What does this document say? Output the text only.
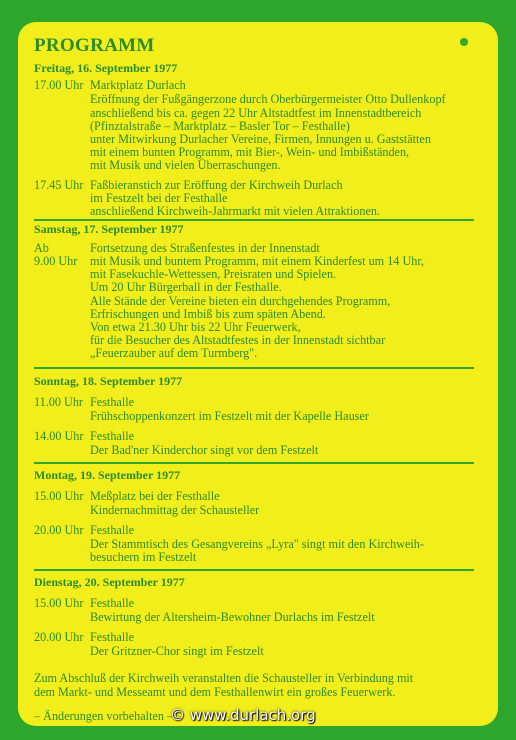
PROGRAMM
Freitag, 16. September 1977
17.00 Uhr Marktplatz Durlach
Eröffnung der Fußgängerzone durch Oberbürgermeister Otto Dullenkopf
anschließend bis ca. gegen 22 Uhr Altstadtfest im Innenstadtbereich
(Pfinztalstraße – Marktplatz – Basler Tor – Festhalle)
unter Mitwirkung Durlacher Vereine, Firmen, Innungen u. Gaststätten
mit einem bunten Programm, mit Bier-, Wein- und Imbißständen,
mit Musik und vielen Überraschungen.
17.45 Uhr Faßbieranstich zur Eröffung der Kirchweih Durlach
im Festzelt bei der Festhalle
anschließend Kirchweih-Jahrmarkt mit vielen Attraktionen.
Samstag, 17. September 1977
Ab
9.00 Uhr
Fortsetzung des Straßenfestes in der Innenstadt
mit Musik und buntem Programm, mit einem Kinderfest um 14 Uhr,
mit Fasekuchle-Wettessen, Preisraten und Spielen.
Um 20 Uhr Bürgerball in der Festhalle.
Alle Stände der Vereine bieten ein durchgehendes Programm,
Erfrischungen und Imbiß bis zum späten Abend.
Von etwa 21.30 Uhr bis 22 Uhr Feuerwerk,
für die Besucher des Altstadtfestes in der Innenstadt sichtbar
„Feuerzauber auf dem Turmberg".
Sonntag, 18. September 1977
11.00 Uhr Festhalle
Frühschoppenkonzert im Festzelt mit der Kapelle Hauser
14.00 Uhr Festhalle
Der Bad'ner Kinderchor singt vor dem Festzelt
Montag, 19. September 1977
15.00 Uhr Meßplatz bei der Festhalle
Kindernachmittag der Schausteller
20.00 Uhr Festhalle
Der Stammtisch des Gesangvereins „Lyra" singt mit den Kirchweih-
besuchern im Festzelt
Dienstag, 20. September 1977
15.00 Uhr Festhalle
Bewirtung der Altersheim-Bewohner Durlachs im Festzelt
20.00 Uhr Festhalle
Der Gritzner-Chor singt im Festzelt
Zum Abschluß der Kirchweih veranstalten die Schausteller in Verbindung mit
dem Markt- und Messeamt und dem Festhallenwirt ein großes Feuerwerk.
– Änderungen vorbehalten –
© www.durlach.org
